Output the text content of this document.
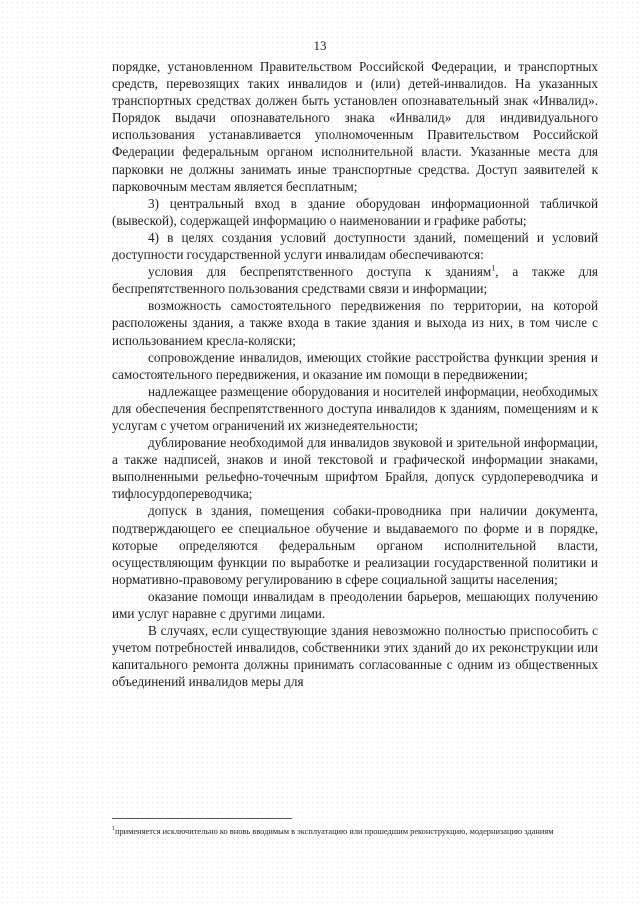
13

порядке, установленном Правительством Российской Федерации, и транспортных средств, перевозящих таких инвалидов и (или) детей-инвалидов. На указанных транспортных средствах должен быть установлен опознавательный знак «Инвалид». Порядок выдачи опознавательного знака «Инвалид» для индивидуального использования устанавливается уполномоченным Правительством Российской Федерации федеральным органом исполнительной власти. Указанные места для парковки не должны занимать иные транспортные средства. Доступ заявителей к парковочным местам является бесплатным;

3) центральный вход в здание оборудован информационной табличкой (вывеской), содержащей информацию о наименовании и графике работы;

4) в целях создания условий доступности зданий, помещений и условий доступности государственной услуги инвалидам обеспечиваются:

условия для беспрепятственного доступа к зданиям$^1$, а также для беспрепятственного пользования средствами связи и информации;

возможность самостоятельного передвижения по территории, на которой расположены здания, а также входа в такие здания и выхода из них, в том числе с использованием кресла-коляски;

сопровождение инвалидов, имеющих стойкие расстройства функции зрения и самостоятельного передвижения, и оказание им помощи в передвижении;

надлежащее размещение оборудования и носителей информации, необходимых для обеспечения беспрепятственного доступа инвалидов к зданиям, помещениям и к услугам с учетом ограничений их жизнедеятельности;

дублирование необходимой для инвалидов звуковой и зрительной информации, а также надписей, знаков и иной текстовой и графической информации знаками, выполненными рельефно-точечным шрифтом Брайля, допуск сурдопереводчика и тифлосурдопереводчика;

допуск в здания, помещения собаки-проводника при наличии документа, подтверждающего ее специальное обучение и выдаваемого по форме и в порядке, которые определяются федеральным органом исполнительной власти, осуществляющим функции по выработке и реализации государственной политики и нормативно-правовому регулированию в сфере социальной защиты населения;

оказание помощи инвалидам в преодолении барьеров, мешающих получению ими услуг наравне с другими лицами.

В случаях, если существующие здания невозможно полностью приспособить с учетом потребностей инвалидов, собственники этих зданий до их реконструкции или капитального ремонта должны принимать согласованные с одним из общественных объединений инвалидов меры для

$^1$применяется исключительно ко вновь вводимым в эксплуатацию или прошедшим реконструкцию, модернизацию зданиям
